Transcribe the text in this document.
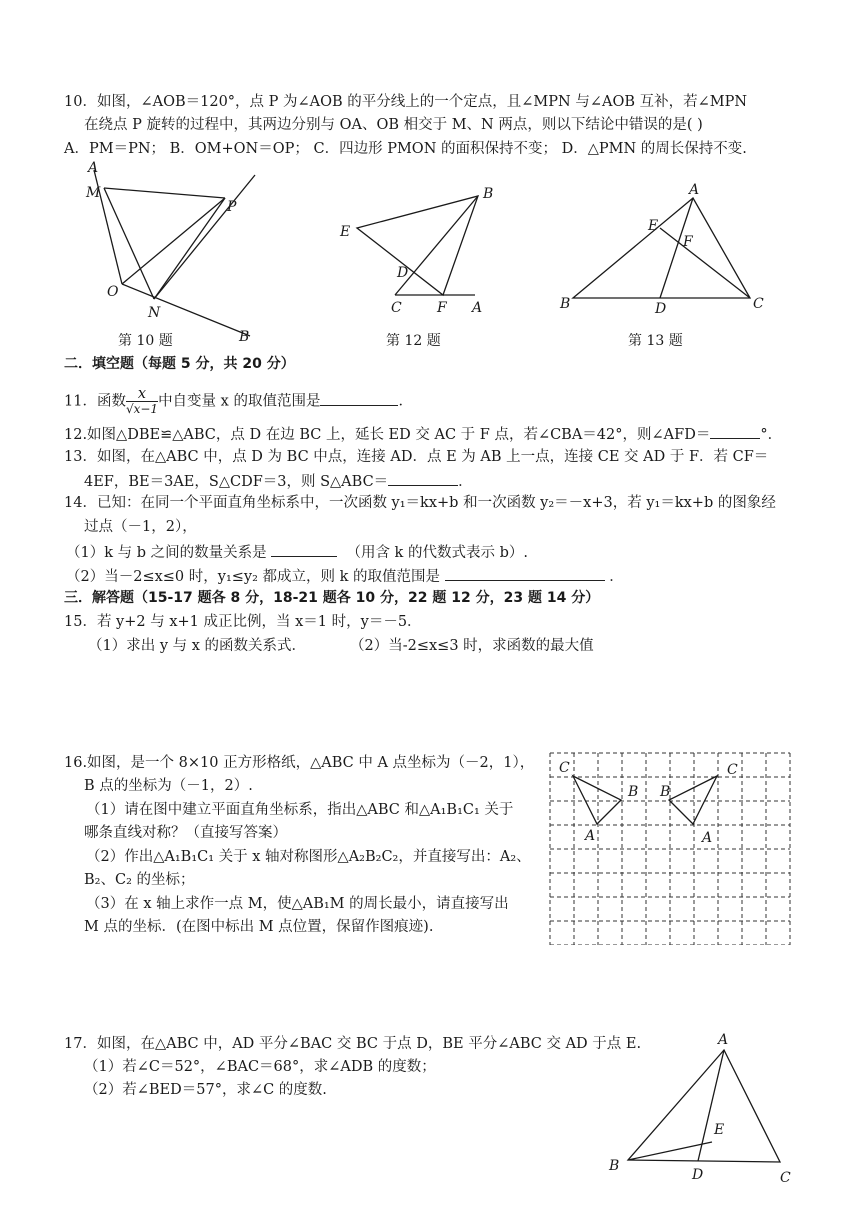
10．如图，∠AOB＝120°，点 P 为∠AOB 的平分线上的一个定点，且∠MPN 与∠AOB 互补，若∠MPN
在绕点 P 旋转的过程中，其两边分别与 OA、OB 相交于 M、N 两点，则以下结论中错误的是( )
A．PM＝PN； B．OM+ON＝OP； C．四边形 PMON 的面积保持不变； D．△PMN 的周长保持不变.
A
M
P
O
N
B
第 10 题
B
E
D
C	F A
第 12 题
A
E
F
B	D	C
第 13 题
二．填空题（每题 5 分，共 20 分）
11．函数 x
√x−1 中自变量 x 的取值范围是	．
12.如图△DBE≌△ABC，点 D 在边 BC 上，延长 ED 交 AC 于 F 点，若∠CBA＝42°，则∠AFD＝	°．
13．如图，在△ABC 中，点 D 为 BC 中点，连接 AD．点 E 为 AB 上一点，连接 CE 交 AD 于 F．若 CF＝
4EF，BE＝3AE，S△CDF＝3，则 S△ABC＝	．
14．已知：在同一个平面直角坐标系中，一次函数 y₁＝kx+b 和一次函数 y₂＝－x+3，若 y₁＝kx+b 的图象经
过点（－1，2），
（1）k 与 b 之间的数量关系是	（用含 k 的代数式表示 b）.
（2）当－2≤x≤0 时，y₁≤y₂ 都成立，则 k 的取值范围是	．
三．解答题（15-17 题各 8 分，18-21 题各 10 分，22 题 12 分，23 题 14 分）
15．若 y+2 与 x+1 成正比例，当 x＝1 时，y＝－5．
（1）求出 y 与 x 的函数关系式．	（2）当-2≤x≤3 时，求函数的最大值
16.如图，是一个 8×10 正方形格纸，△ABC 中 A 点坐标为（－2，1），
B 点的坐标为（－1，2）.
（1）请在图中建立平面直角坐标系，指出△ABC 和△A₁B₁C₁ 关于
哪条直线对称？（直接写答案）
（2）作出△A₁B₁C₁ 关于 x 轴对称图形△A₂B₂C₂，并直接写出：A₂、
B₂、C₂ 的坐标；
（3）在 x 轴上求作一点 M，使△AB₁M 的周长最小，请直接写出
M 点的坐标．(在图中标出 M 点位置，保留作图痕迹).
C
B
A
C
B
A
17．如图，在△ABC 中，AD 平分∠BAC 交 BC 于点 D，BE 平分∠ABC 交 AD 于点 E.
（1）若∠C＝52°，∠BAC＝68°，求∠ADB 的度数；
（2）若∠BED＝57°，求∠C 的度数.
A
E
B
D	C
